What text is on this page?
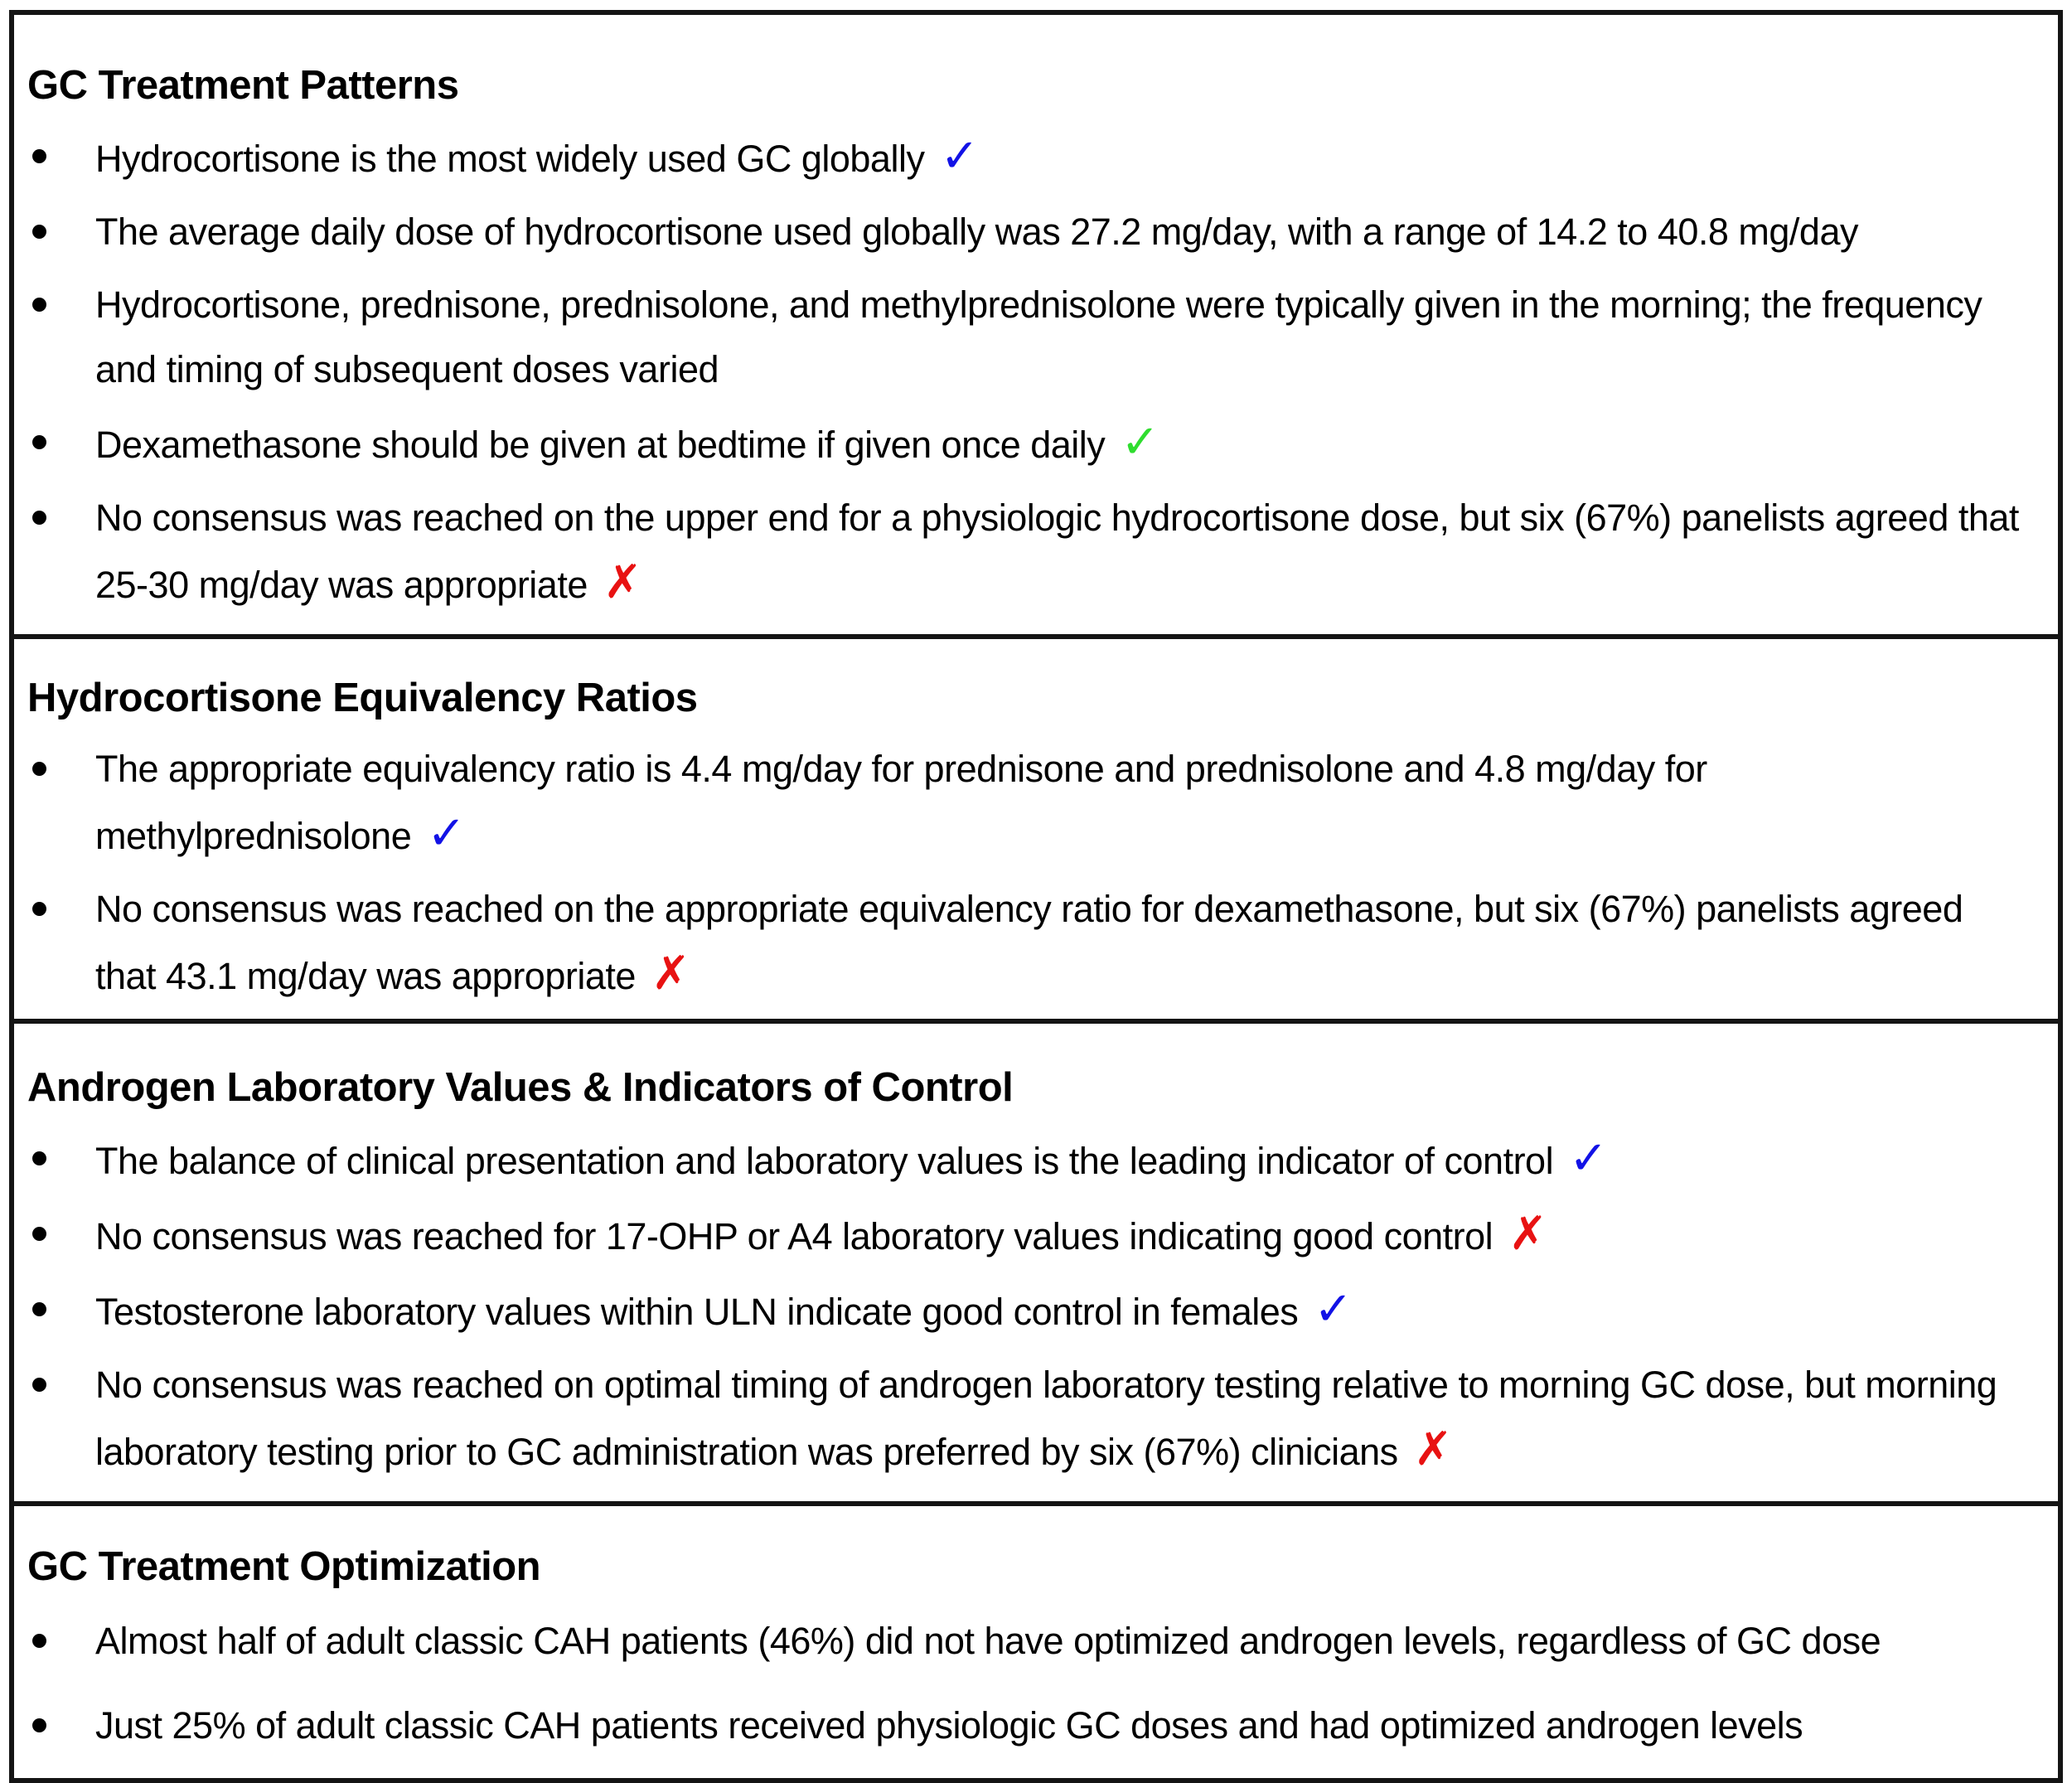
GC Treatment Patterns
Hydrocortisone is the most widely used GC globally ✓
The average daily dose of hydrocortisone used globally was 27.2 mg/day, with a range of 14.2 to 40.8 mg/day
Hydrocortisone, prednisone, prednisolone, and methylprednisolone were typically given in the morning; the frequency and timing of subsequent doses varied
Dexamethasone should be given at bedtime if given once daily ✓
No consensus was reached on the upper end for a physiologic hydrocortisone dose, but six (67%) panelists agreed that 25-30 mg/day was appropriate ✗
Hydrocortisone Equivalency Ratios
The appropriate equivalency ratio is 4.4 mg/day for prednisone and prednisolone and 4.8 mg/day for methylprednisolone ✓
No consensus was reached on the appropriate equivalency ratio for dexamethasone, but six (67%) panelists agreed that 43.1 mg/day was appropriate ✗
Androgen Laboratory Values & Indicators of Control
The balance of clinical presentation and laboratory values is the leading indicator of control ✓
No consensus was reached for 17-OHP or A4 laboratory values indicating good control ✗
Testosterone laboratory values within ULN indicate good control in females ✓
No consensus was reached on optimal timing of androgen laboratory testing relative to morning GC dose, but morning laboratory testing prior to GC administration was preferred by six (67%) clinicians ✗
GC Treatment Optimization
Almost half of adult classic CAH patients (46%) did not have optimized androgen levels, regardless of GC dose
Just 25% of adult classic CAH patients received physiologic GC doses and had optimized androgen levels
